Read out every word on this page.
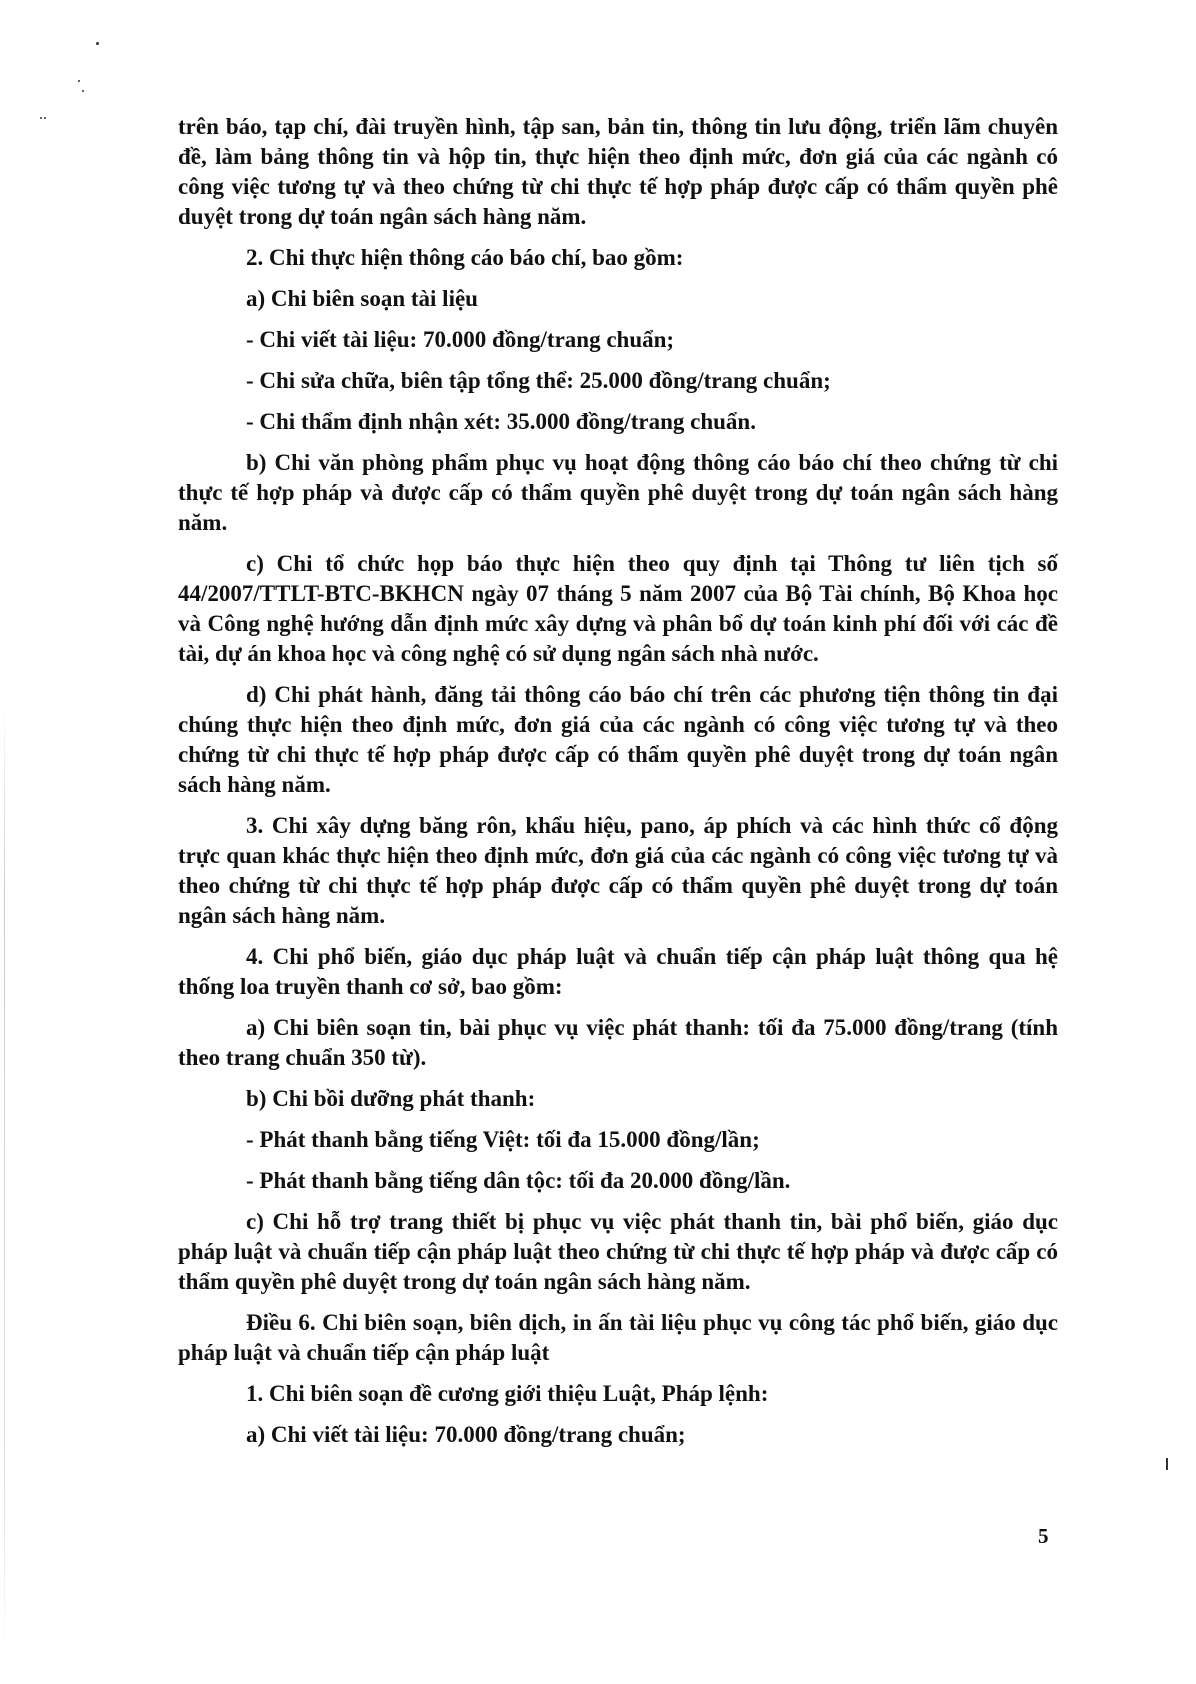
trên báo, tạp chí, đài truyền hình, tập san, bản tin, thông tin lưu động, triển lãm chuyên đề, làm bảng thông tin và hộp tin, thực hiện theo định mức, đơn giá của các ngành có công việc tương tự và theo chứng từ chi thực tế hợp pháp được cấp có thẩm quyền phê duyệt trong dự toán ngân sách hàng năm.

2. Chi thực hiện thông cáo báo chí, bao gồm:

a) Chi biên soạn tài liệu

- Chi viết tài liệu: 70.000 đồng/trang chuẩn;

- Chi sửa chữa, biên tập tổng thể: 25.000 đồng/trang chuẩn;

- Chi thẩm định nhận xét: 35.000 đồng/trang chuẩn.

b) Chi văn phòng phẩm phục vụ hoạt động thông cáo báo chí theo chứng từ chi thực tế hợp pháp và được cấp có thẩm quyền phê duyệt trong dự toán ngân sách hàng năm.

c) Chi tổ chức họp báo thực hiện theo quy định tại Thông tư liên tịch số 44/2007/TTLT-BTC-BKHCN ngày 07 tháng 5 năm 2007 của Bộ Tài chính, Bộ Khoa học và Công nghệ hướng dẫn định mức xây dựng và phân bổ dự toán kinh phí đối với các đề tài, dự án khoa học và công nghệ có sử dụng ngân sách nhà nước.

d) Chi phát hành, đăng tải thông cáo báo chí trên các phương tiện thông tin đại chúng thực hiện theo định mức, đơn giá của các ngành có công việc tương tự và theo chứng từ chi thực tế hợp pháp được cấp có thẩm quyền phê duyệt trong dự toán ngân sách hàng năm.

3. Chi xây dựng băng rôn, khẩu hiệu, pano, áp phích và các hình thức cổ động trực quan khác thực hiện theo định mức, đơn giá của các ngành có công việc tương tự và theo chứng từ chi thực tế hợp pháp được cấp có thẩm quyền phê duyệt trong dự toán ngân sách hàng năm.

4. Chi phổ biến, giáo dục pháp luật và chuẩn tiếp cận pháp luật thông qua hệ thống loa truyền thanh cơ sở, bao gồm:

a) Chi biên soạn tin, bài phục vụ việc phát thanh: tối đa 75.000 đồng/trang (tính theo trang chuẩn 350 từ).

b) Chi bồi dưỡng phát thanh:

- Phát thanh bằng tiếng Việt: tối đa 15.000 đồng/lần;

- Phát thanh bằng tiếng dân tộc: tối đa 20.000 đồng/lần.

c) Chi hỗ trợ trang thiết bị phục vụ việc phát thanh tin, bài phổ biến, giáo dục pháp luật và chuẩn tiếp cận pháp luật theo chứng từ chi thực tế hợp pháp và được cấp có thẩm quyền phê duyệt trong dự toán ngân sách hàng năm.

Điều 6. Chi biên soạn, biên dịch, in ấn tài liệu phục vụ công tác phổ biến, giáo dục pháp luật và chuẩn tiếp cận pháp luật

1. Chi biên soạn đề cương giới thiệu Luật, Pháp lệnh:

a) Chi viết tài liệu: 70.000 đồng/trang chuẩn;

5
